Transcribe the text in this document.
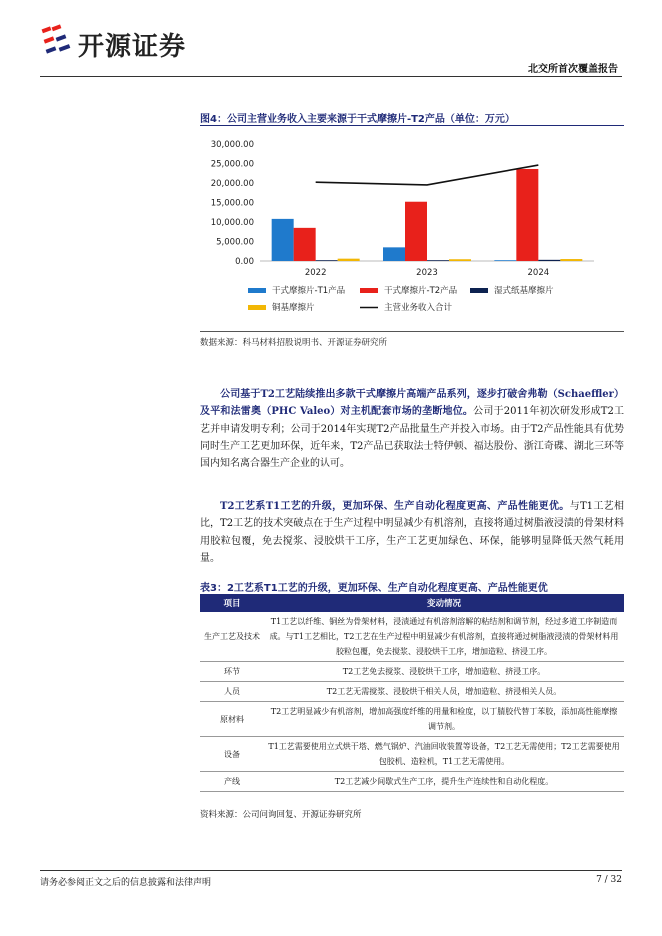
开源证券
北交所首次覆盖报告
图4：公司主营业务收入主要来源于干式摩擦片-T2产品（单位：万元）
0.00
5,000.00
10,000.00
15,000.00
20,000.00
25,000.00
30,000.00
2022	2023	2024
干式摩擦片-T1产品	干式摩擦片-T2产品	湿式纸基摩擦片
铜基摩擦片	主营业务收入合计
数据来源：科马材料招股说明书、开源证券研究所
公司基于T2工艺陆续推出多款干式摩擦片高端产品系列，逐步打破舍弗勒（Schaeffler）及平和法雷奥（PHC Valeo）对主机配套市场的垄断地位。公司于2011年初次研发形成T2工艺并申请发明专利；公司于2014年实现T2产品批量生产并投入市场。由于T2产品性能具有优势同时生产工艺更加环保，近年来，T2产品已获取法士特伊顿、福达股份、浙江奇碟、湖北三环等国内知名离合器生产企业的认可。
T2工艺系T1工艺的升级，更加环保、生产自动化程度更高、产品性能更优。与T1工艺相比，T2工艺的技术突破点在于生产过程中明显减少有机溶剂，直接将通过树脂液浸渍的骨架材料用胶粒包覆，免去搅浆、浸胶烘干工序，生产工艺更加绿色、环保，能够明显降低天然气耗用量。
表3：2工艺系T1工艺的升级，更加环保、生产自动化程度更高、产品性能更优
项目	变动情况
生产工艺及技术	T1工艺以纤维、铜丝为骨架材料，浸渍通过有机溶剂溶解的粘结剂和调节剂，经过多道工序制造而成。与T1工艺相比，T2工艺在生产过程中明显减少有机溶剂，直接将通过树脂液浸渍的骨架材料用胶粒包覆，免去搅浆、浸胶烘干工序，增加造粒、挤浸工序。
环节	T2工艺免去搅浆、浸胶烘干工序，增加造粒、挤浸工序。
人员	T2工艺无需搅浆、浸胶烘干相关人员，增加造粒、挤浸相关人员。
原材料	T2工艺明显减少有机溶剂，增加高强度纤维的用量和检度，以丁腈胶代替丁苯胶，添加高性能摩擦调节剂。
设备	T1工艺需要使用立式烘干塔、燃气锅炉、汽油回收装置等设备，T2工艺无需使用；T2工艺需要使用包胶机、造粒机，T1工艺无需使用。
产线	T2工艺减少间歇式生产工序，提升生产连续性和自动化程度。
资料来源：公司问询回复、开源证券研究所
请务必参阅正文之后的信息披露和法律声明	7 / 32
